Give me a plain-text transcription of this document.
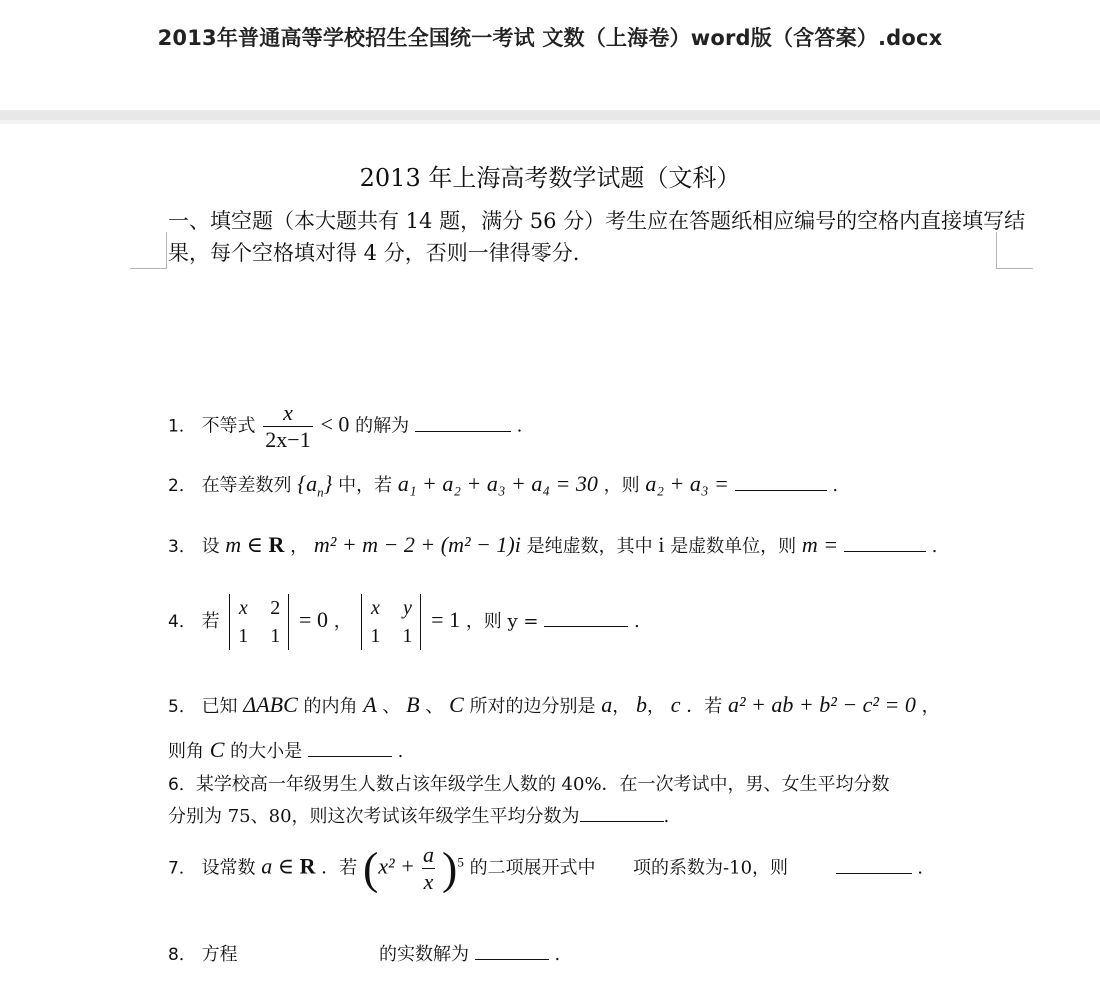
2013年普通高等学校招生全国统一考试 文数（上海卷）word版（含答案）.docx
2013 年上海高考数学试题（文科）
一、填空题（本大题共有 14 题，满分 56 分）考生应在答题纸相应编号的空格内直接填写结果，每个空格填对得 4 分，否则一律得零分.
1． 不等式 $\frac{x}{2x-1} < 0$ 的解为	.
2． 在等差数列 $\{a_n\}$ 中，若 a₁ + a₂ + a₃ + a₄ = 30 ，则 a₂ + a₃ =	.
3． 设 m ∈ R ， m² + m − 2 + (m² − 1)i 是纯虚数，其中 i 是虚数单位，则 m =	.
4． 若
x 2
1 1
= 0 ，
x y
1 1
= 1 ，则 y =	.
5． 已知 ΔABC 的内角 A 、 B 、 C 所对的边分别是 a， b， c ．若 a² + ab + b² − c² = 0 ，
则角 C 的大小是	.
6．某学校高一年级男生人数占该年级学生人数的 40%．在一次考试中，男、女生平均分数
分别为 75、80，则这次考试该年级学生平均分数为	.
7． 设常数 a ∈ R ．若 $(x^2 + \frac{a}{x} )^5$ 的二项展开式中 项的系数为-10，则	.
8． 方程	的实数解为	.
